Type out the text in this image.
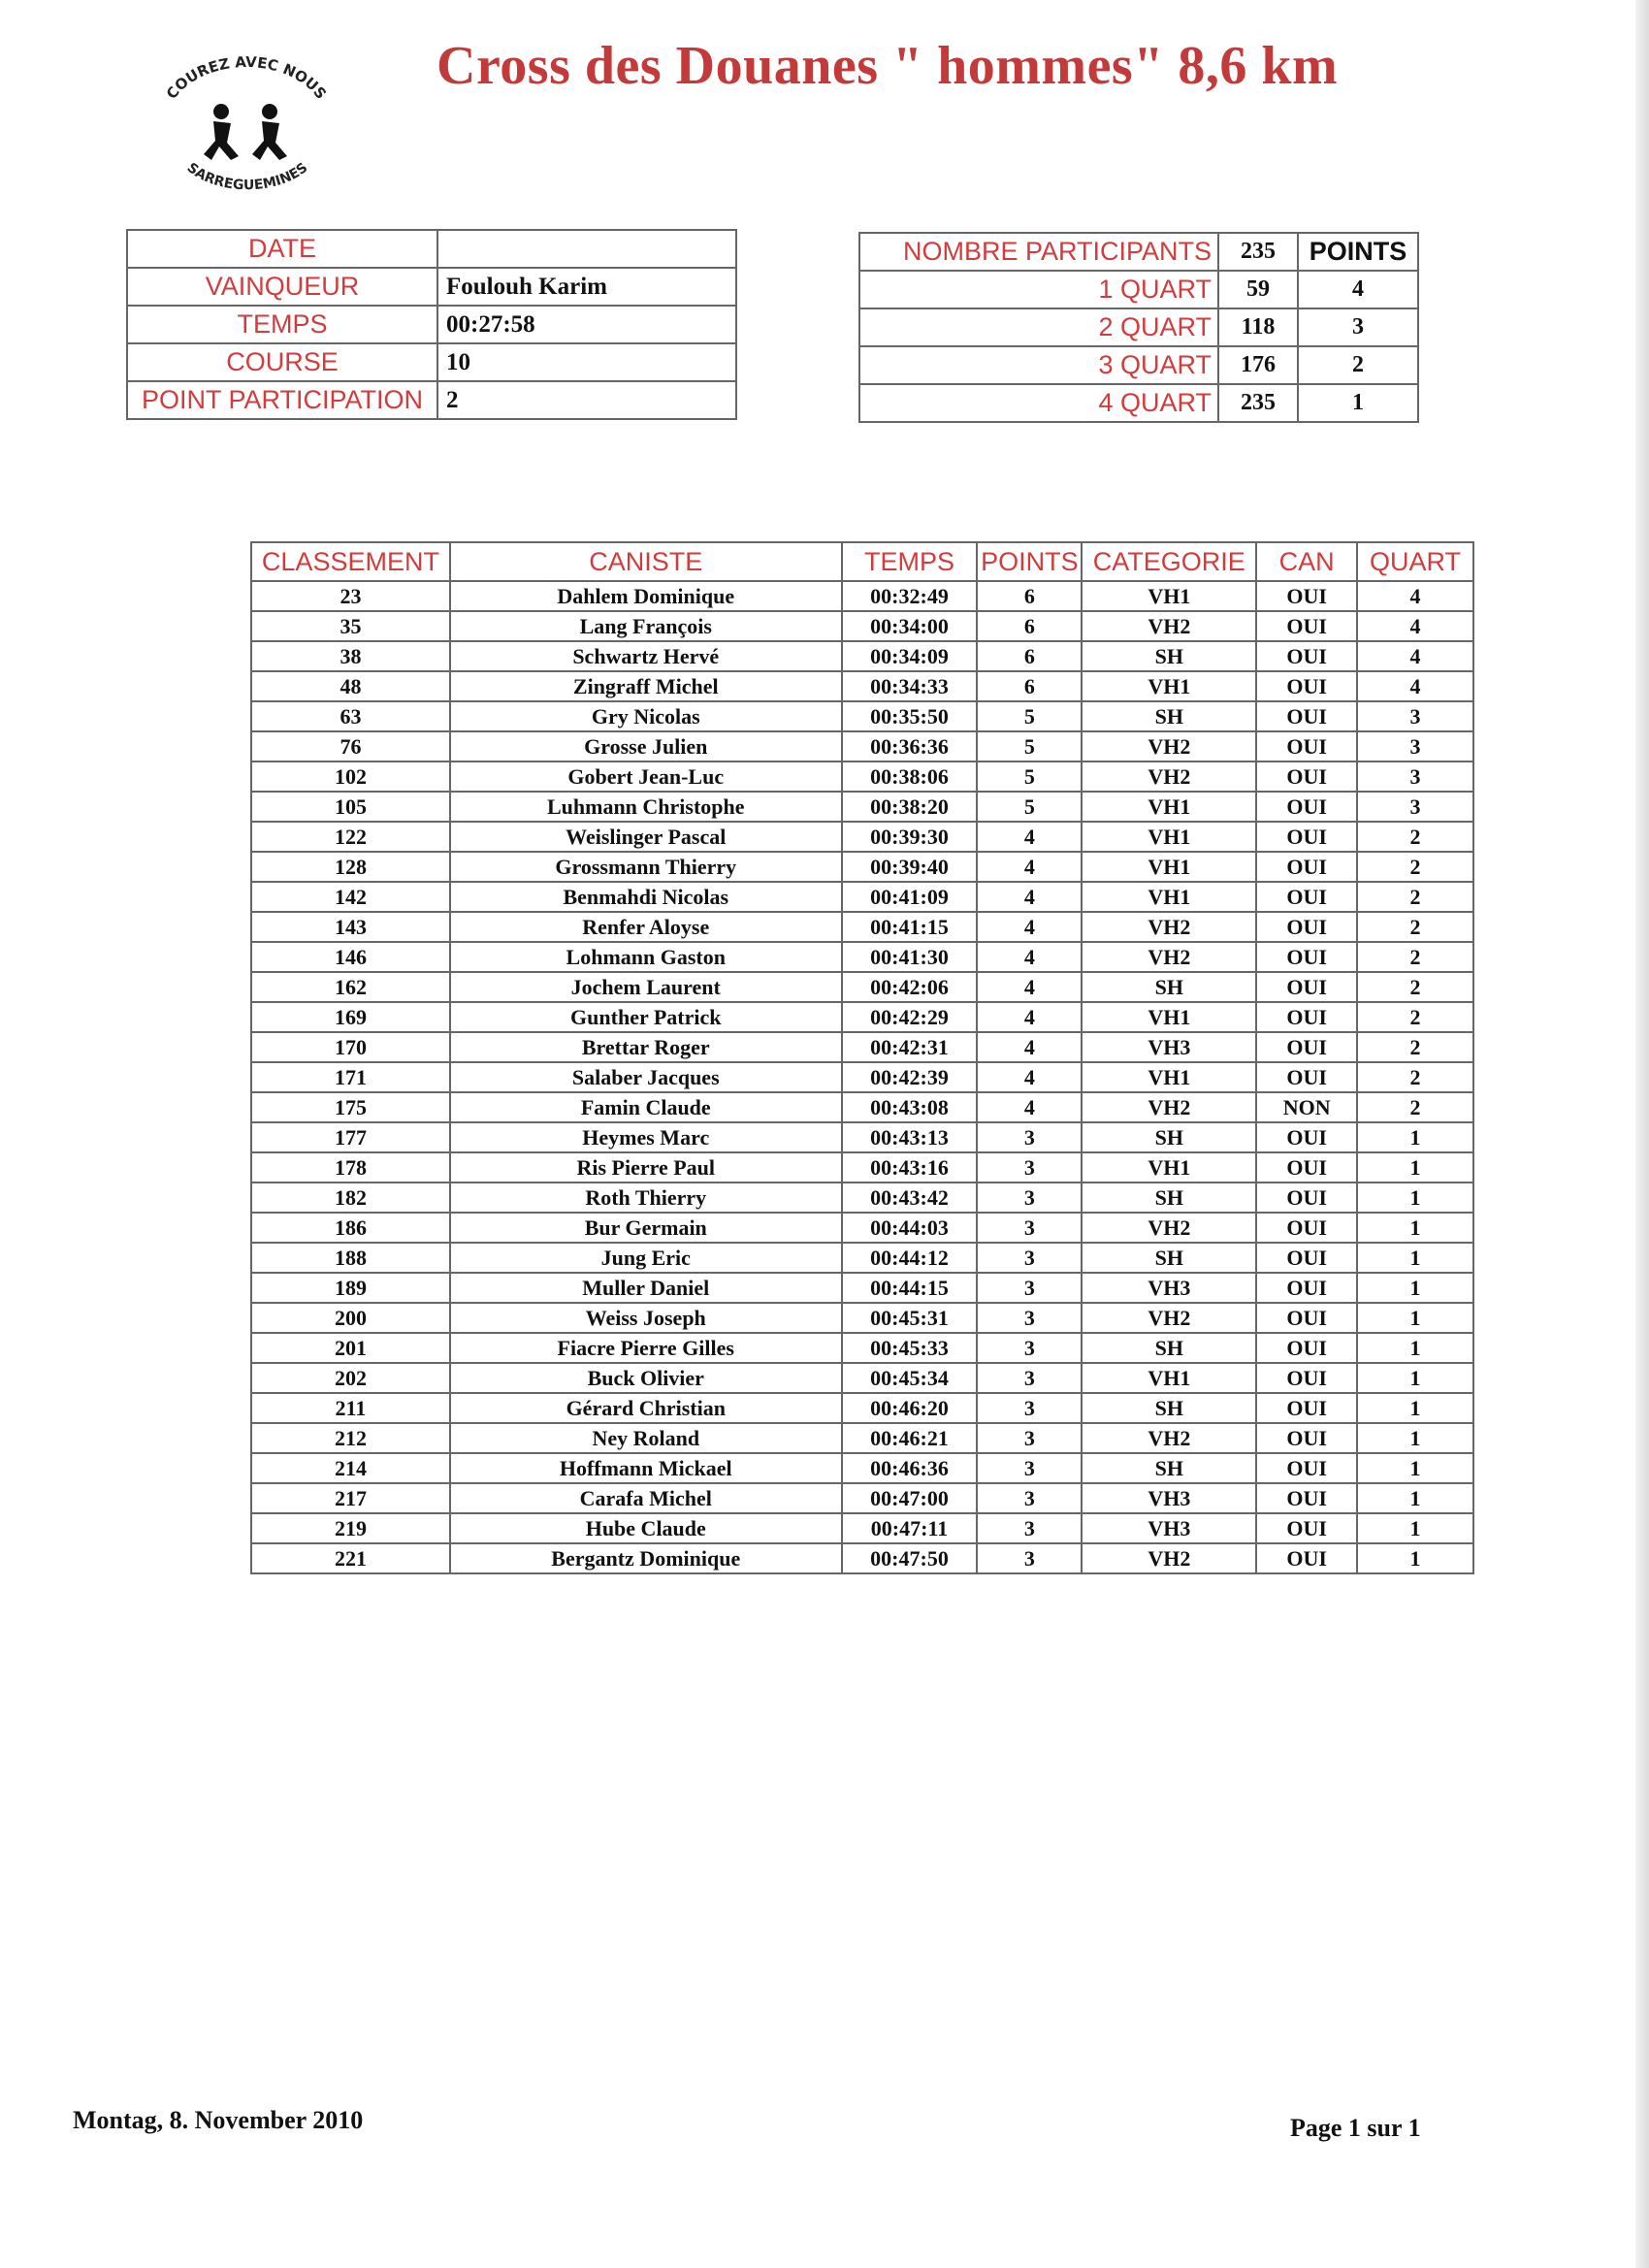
COUREZ AVEC NOUS
SARREGUEMINES
Cross des Douanes " hommes" 8,6 km
DATE	
VAINQUEUR	Foulouh Karim
TEMPS	00:27:58
COURSE	10
POINT PARTICIPATION	2
NOMBRE PARTICIPANTS	235	POINTS
1 QUART	59	4
2 QUART	118	3
3 QUART	176	2
4 QUART	235	1
CLASSEMENT	CANISTE	TEMPS	POINTS	CATEGORIE	CAN	QUART
23	Dahlem Dominique	00:32:49	6	VH1	OUI	4
35	Lang François	00:34:00	6	VH2	OUI	4
38	Schwartz Hervé	00:34:09	6	SH	OUI	4
48	Zingraff Michel	00:34:33	6	VH1	OUI	4
63	Gry Nicolas	00:35:50	5	SH	OUI	3
76	Grosse Julien	00:36:36	5	VH2	OUI	3
102	Gobert Jean-Luc	00:38:06	5	VH2	OUI	3
105	Luhmann Christophe	00:38:20	5	VH1	OUI	3
122	Weislinger Pascal	00:39:30	4	VH1	OUI	2
128	Grossmann Thierry	00:39:40	4	VH1	OUI	2
142	Benmahdi Nicolas	00:41:09	4	VH1	OUI	2
143	Renfer Aloyse	00:41:15	4	VH2	OUI	2
146	Lohmann Gaston	00:41:30	4	VH2	OUI	2
162	Jochem Laurent	00:42:06	4	SH	OUI	2
169	Gunther Patrick	00:42:29	4	VH1	OUI	2
170	Brettar Roger	00:42:31	4	VH3	OUI	2
171	Salaber Jacques	00:42:39	4	VH1	OUI	2
175	Famin Claude	00:43:08	4	VH2	NON	2
177	Heymes Marc	00:43:13	3	SH	OUI	1
178	Ris Pierre Paul	00:43:16	3	VH1	OUI	1
182	Roth Thierry	00:43:42	3	SH	OUI	1
186	Bur Germain	00:44:03	3	VH2	OUI	1
188	Jung Eric	00:44:12	3	SH	OUI	1
189	Muller Daniel	00:44:15	3	VH3	OUI	1
200	Weiss Joseph	00:45:31	3	VH2	OUI	1
201	Fiacre Pierre Gilles	00:45:33	3	SH	OUI	1
202	Buck Olivier	00:45:34	3	VH1	OUI	1
211	Gérard Christian	00:46:20	3	SH	OUI	1
212	Ney Roland	00:46:21	3	VH2	OUI	1
214	Hoffmann Mickael	00:46:36	3	SH	OUI	1
217	Carafa Michel	00:47:00	3	VH3	OUI	1
219	Hube Claude	00:47:11	3	VH3	OUI	1
221	Bergantz Dominique	00:47:50	3	VH2	OUI	1
Montag, 8. November 2010	Page 1 sur 1
